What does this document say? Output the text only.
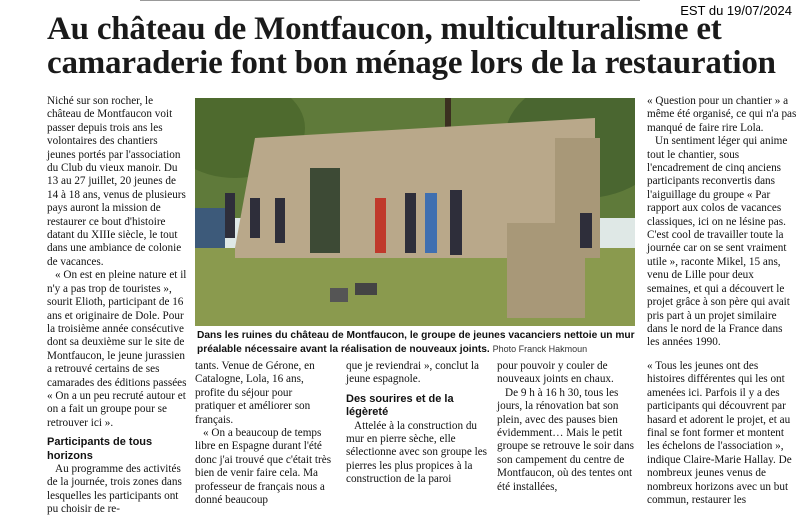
EST du 19/07/2024
Au château de Montfaucon, multiculturalisme et camaraderie font bon ménage lors de la restauration

Niché sur son rocher, le château de Montfaucon voit passer depuis trois ans les volontaires des chantiers jeunes portés par l'association du Club du vieux manoir. Du 13 au 27 juillet, 20 jeunes de 14 à 18 ans, venus de plusieurs pays auront la mission de restaurer ce bout d'histoire datant du XIIIe siècle, le tout dans une ambiance de colonie de vacances.

« On est en pleine nature et il n'y a pas trop de touristes », sourit Elioth, participant de 16 ans et originaire de Dole. Pour la troisième année consécutive dont sa deuxième sur le site de Montfaucon, le jeune jurassien a retrouvé certains de ses camarades des éditions passées « On a un peu recruté autour et on a fait un groupe pour se retrouver ici ».

Participants de tous horizons

Au programme des activités de la journée, trois zones dans lesquelles les participants ont pu choisir de re-

Dans les ruines du château de Montfaucon, le groupe de jeunes vacanciers nettoie un mur préalable nécessaire avant la réalisation de nouveaux joints. Photo Franck Hakmoun

« Question pour un chantier » a même été organisé, ce qui n'a pas manqué de faire rire Lola.

Un sentiment léger qui anime tout le chantier, sous l'encadrement de cinq anciens participants reconvertis dans l'aiguillage du groupe « Par rapport aux colos de vacances classiques, ici on ne lésine pas. C'est cool de travailler toute la journée car on se sent vraiment utile », raconte Mikel, 15 ans, venu de Lille pour deux semaines, et qui a découvert le projet grâce à son père qui avait pris part à un projet similaire dans le nord de la France dans les années 1990.

tants. Venue de Gérone, en Catalogne, Lola, 16 ans, profite du séjour pour pratiquer et améliorer son français.

« On a beaucoup de temps libre en Espagne durant l'été donc j'ai trouvé que c'était très bien de venir faire cela. Ma professeur de français nous a donné beaucoup

que je reviendrai », conclut la jeune espagnole.

Des sourires et de la légèreté

Attelée à la construction du mur en pierre sèche, elle sélectionne avec son groupe les pierres les plus propices à la construction de la paroi

pour pouvoir y couler de nouveaux joints en chaux.

De 9 h à 16 h 30, tous les jours, la rénovation bat son plein, avec des pauses bien évidemment… Mais le petit groupe se retrouve le soir dans son campement du centre de Montfaucon, où des tentes ont été installées,

« Tous les jeunes ont des histoires différentes qui les ont amenées ici. Parfois il y a des participants qui découvrent par hasard et adorent le projet, et au final se font former et montent les échelons de l'association », indique Claire-Marie Hallay. De nombreux jeunes venus de nombreux horizons avec un but commun, restaurer les
